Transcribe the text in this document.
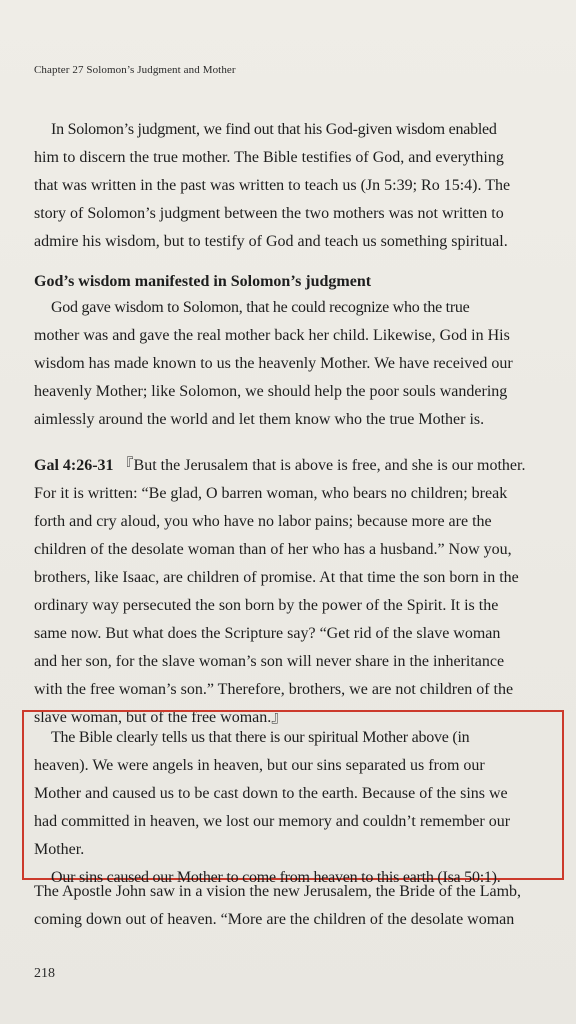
Chapter 27 Solomon’s Judgment and Mother
In Solomon’s judgment, we find out that his God-given wisdom enabled
him to discern the true mother. The Bible testifies of God, and everything
that was written in the past was written to teach us (Jn 5:39; Ro 15:4). The
story of Solomon’s judgment between the two mothers was not written to
admire his wisdom, but to testify of God and teach us something spiritual.
God’s wisdom manifested in Solomon’s judgment
God gave wisdom to Solomon, that he could recognize who the true
mother was and gave the real mother back her child. Likewise, God in His
wisdom has made known to us the heavenly Mother. We have received our
heavenly Mother; like Solomon, we should help the poor souls wandering
aimlessly around the world and let them know who the true Mother is.
Gal 4:26-31 『But the Jerusalem that is above is free, and she is our mother.
For it is written: “Be glad, O barren woman, who bears no children; break
forth and cry aloud, you who have no labor pains; because more are the
children of the desolate woman than of her who has a husband.” Now you,
brothers, like Isaac, are children of promise. At that time the son born in the
ordinary way persecuted the son born by the power of the Spirit. It is the
same now. But what does the Scripture say? “Get rid of the slave woman
and her son, for the slave woman’s son will never share in the inheritance
with the free woman’s son.” Therefore, brothers, we are not children of the
slave woman, but of the free woman.』
The Bible clearly tells us that there is our spiritual Mother above (in
heaven). We were angels in heaven, but our sins separated us from our
Mother and caused us to be cast down to the earth. Because of the sins we
had committed in heaven, we lost our memory and couldn’t remember our
Mother.
Our sins caused our Mother to come from heaven to this earth (Isa 50:1).
The Apostle John saw in a vision the new Jerusalem, the Bride of the Lamb,
coming down out of heaven. “More are the children of the desolate woman
218
